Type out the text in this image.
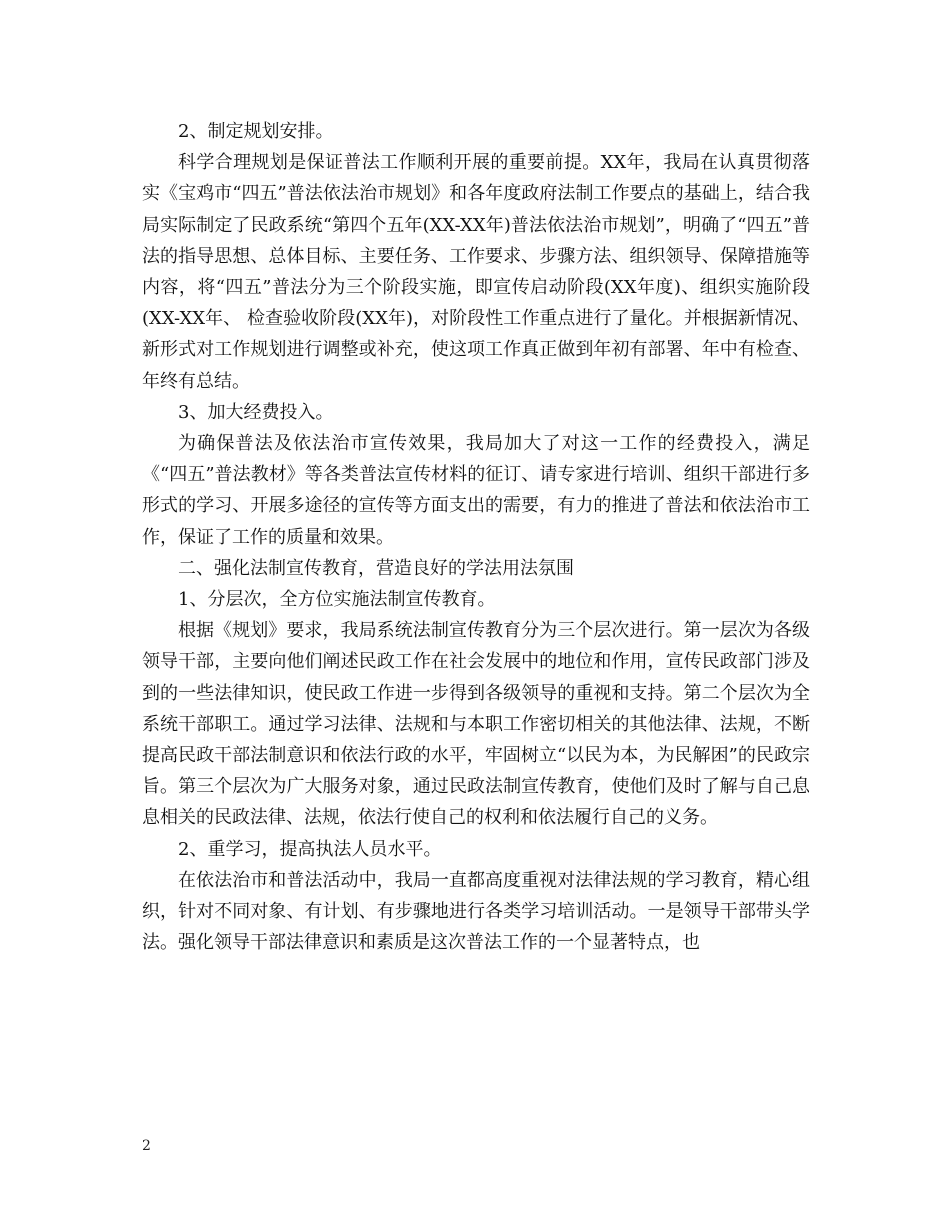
2、制定规划安排。

科学合理规划是保证普法工作顺利开展的重要前提。XX年，我局在认真贯彻落实《宝鸡市“四五”普法依法治市规划》和各年度政府法制工作要点的基础上，结合我局实际制定了民政系统“第四个五年(XX-XX年)普法依法治市规划”，明确了“四五”普法的指导思想、总体目标、主要任务、工作要求、步骤方法、组织领导、保障措施等内容，将“四五”普法分为三个阶段实施，即宣传启动阶段(XX年度)、组织实施阶段(XX-XX年、 检查验收阶段(XX年)，对阶段性工作重点进行了量化。并根据新情况、新形式对工作规划进行调整或补充，使这项工作真正做到年初有部署、年中有检查、年终有总结。

3、加大经费投入。

为确保普法及依法治市宣传效果，我局加大了对这一工作的经费投入，满足《“四五”普法教材》等各类普法宣传材料的征订、请专家进行培训、组织干部进行多形式的学习、开展多途径的宣传等方面支出的需要，有力的推进了普法和依法治市工作，保证了工作的质量和效果。

二、强化法制宣传教育，营造良好的学法用法氛围

1、分层次，全方位实施法制宣传教育。

根据《规划》要求，我局系统法制宣传教育分为三个层次进行。第一层次为各级领导干部，主要向他们阐述民政工作在社会发展中的地位和作用，宣传民政部门涉及到的一些法律知识，使民政工作进一步得到各级领导的重视和支持。第二个层次为全系统干部职工。通过学习法律、法规和与本职工作密切相关的其他法律、法规，不断提高民政干部法制意识和依法行政的水平，牢固树立“以民为本，为民解困”的民政宗旨。第三个层次为广大服务对象，通过民政法制宣传教育，使他们及时了解与自己息息相关的民政法律、法规，依法行使自己的权利和依法履行自己的义务。

2、重学习，提高执法人员水平。

在依法治市和普法活动中，我局一直都高度重视对法律法规的学习教育，精心组织，针对不同对象、有计划、有步骤地进行各类学习培训活动。一是领导干部带头学法。强化领导干部法律意识和素质是这次普法工作的一个显著特点，也

2
